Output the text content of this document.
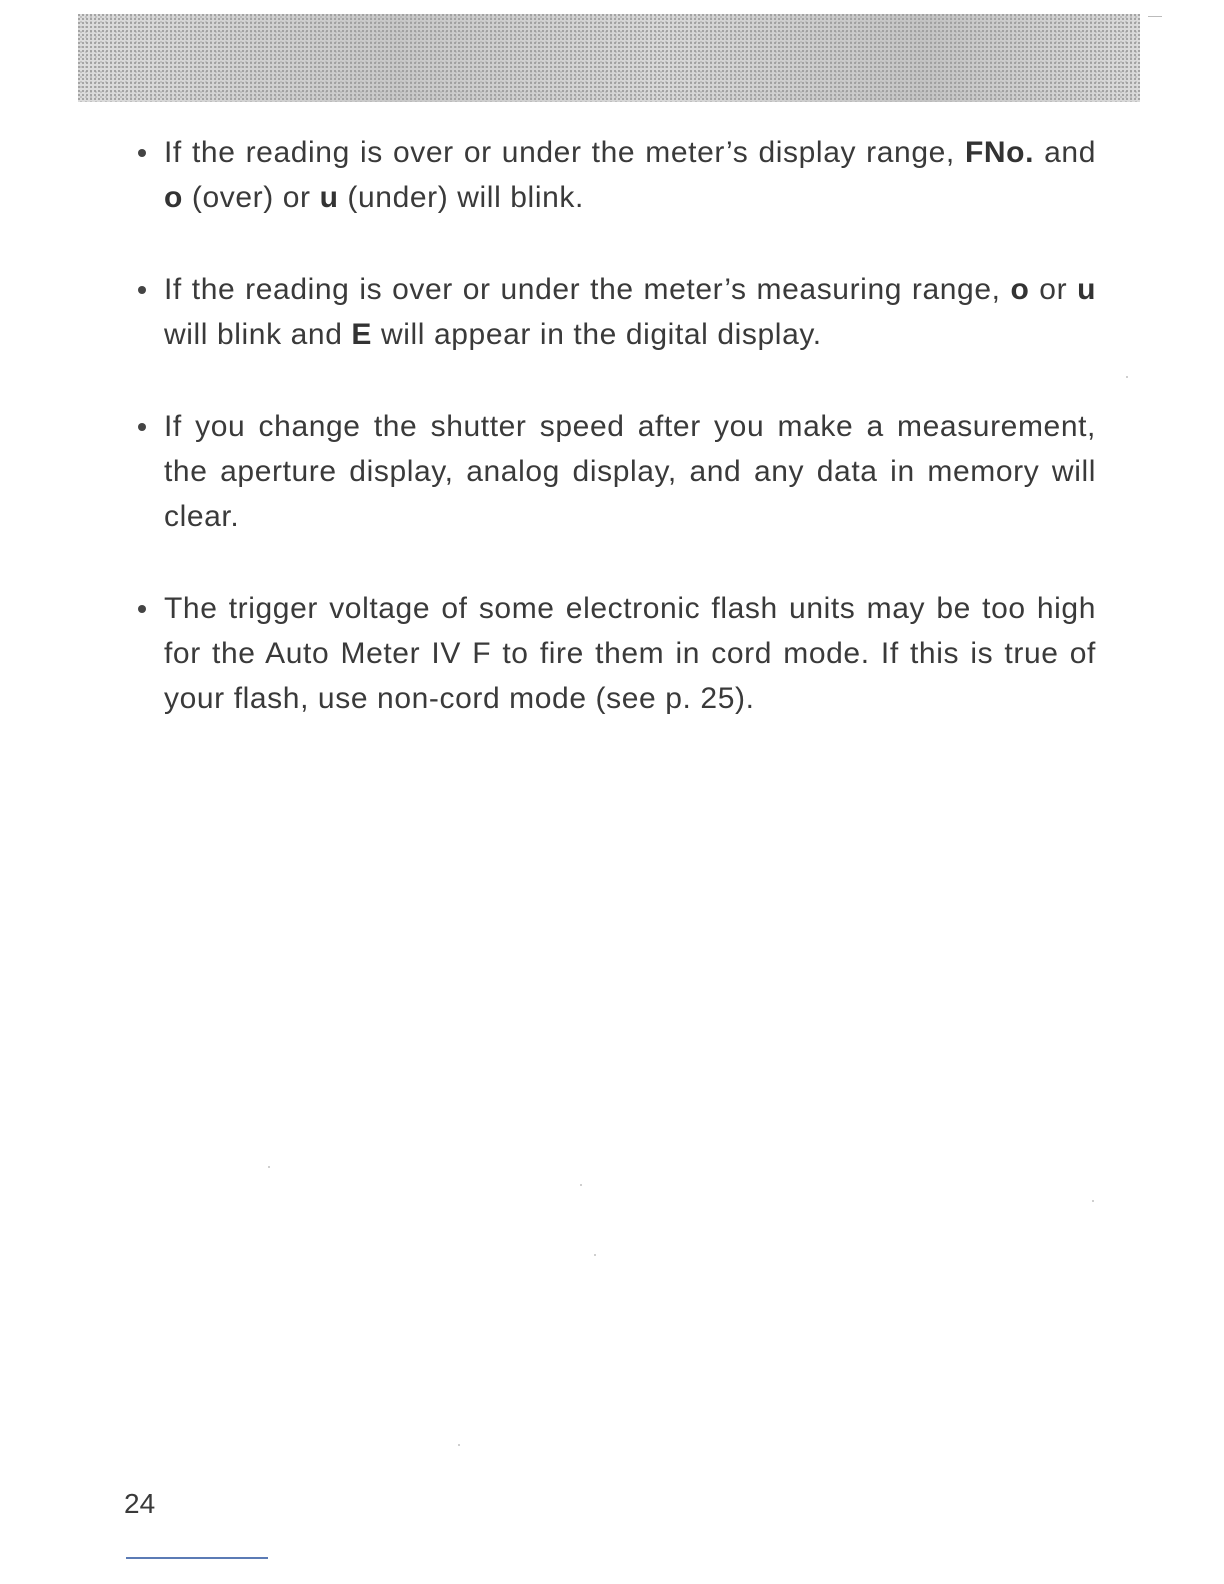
If the reading is over or under the meter’s display range, FNo. and o (over) or u (under) will blink.
If the reading is over or under the meter’s measuring range, o or u will blink and E will appear in the digital display.
If you change the shutter speed after you make a measurement, the aperture display, analog display, and any data in memory will clear.
The trigger voltage of some electronic flash units may be too high for the Auto Meter IV F to fire them in cord mode. If this is true of your flash, use non-cord mode (see p. 25).
24
